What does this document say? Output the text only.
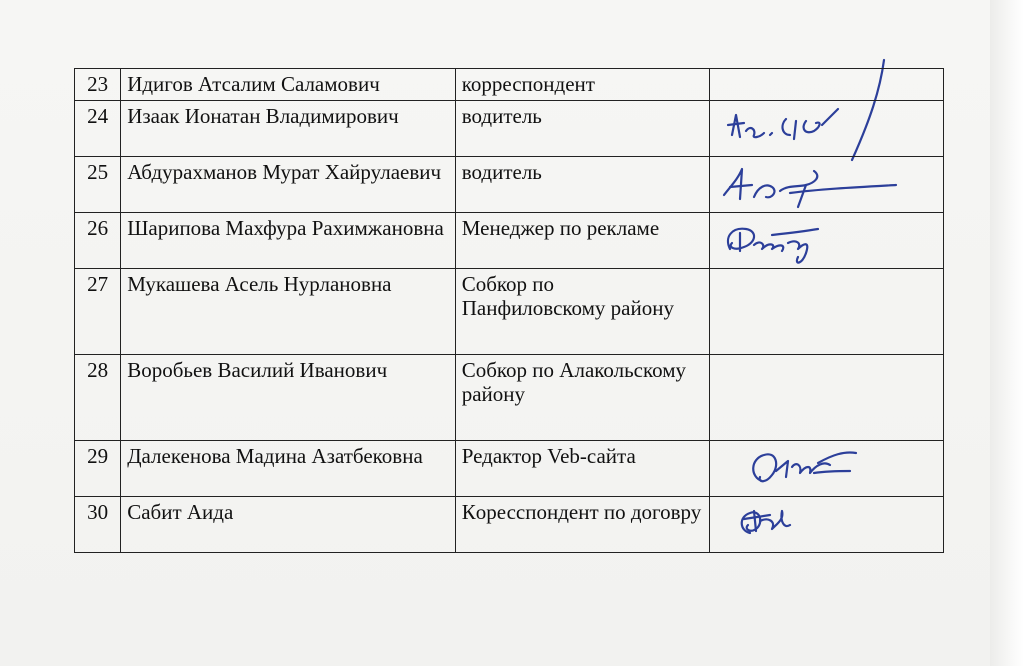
23	Идигов Атсалим Саламович	корреспондент	
24	Изаак Ионатан Владимирович	водитель	

25	Абдурахманов Мурат Хайрулаевич	водитель	

26	Шарипова Махфура Рахимжановна	Менеджер по рекламе	

27	Мукашева Асель Нурлановна	Собкор по Панфиловскому району	
28	Воробьев Василий Иванович	Собкор по Алакольскому району	
29	Далекенова Мадина Азатбековна	Редактор Veb-сайта	

30	Сабит Аида	Кoресспондент по договру	
